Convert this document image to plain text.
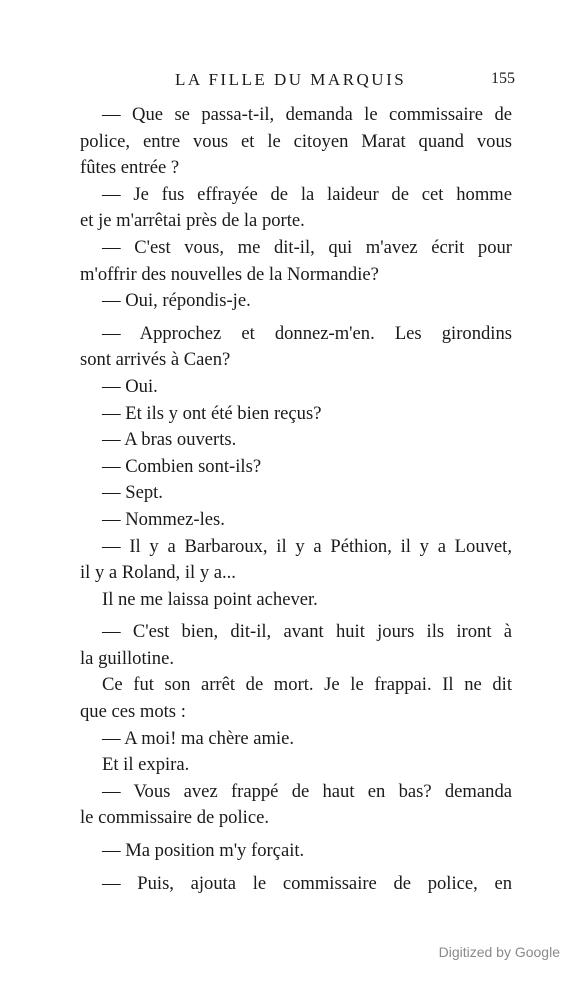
LA FILLE DU MARQUIS	155
— Que se passa-t-il, demanda le commissaire de
police, entre vous et le citoyen Marat quand vous
fûtes entrée ?
— Je fus effrayée de la laideur de cet homme
et je m'arrêtai près de la porte.
— C'est vous, me dit-il, qui m'avez écrit pour
m'offrir des nouvelles de la Normandie?
— Oui, répondis-je.
— Approchez et donnez-m'en. Les girondins
sont arrivés à Caen?
— Oui.
— Et ils y ont été bien reçus?
— A bras ouverts.
— Combien sont-ils?
— Sept.
— Nommez-les.
— Il y a Barbaroux, il y a Péthion, il y a Louvet,
il y a Roland, il y a...
Il ne me laissa point achever.
— C'est bien, dit-il, avant huit jours ils iront à
la guillotine.
Ce fut son arrêt de mort. Je le frappai. Il ne dit
que ces mots :
— A moi! ma chère amie.
Et il expira.
— Vous avez frappé de haut en bas? demanda
le commissaire de police.
— Ma position m'y forçait.
— Puis, ajouta le commissaire de police, en
Digitized by Google
